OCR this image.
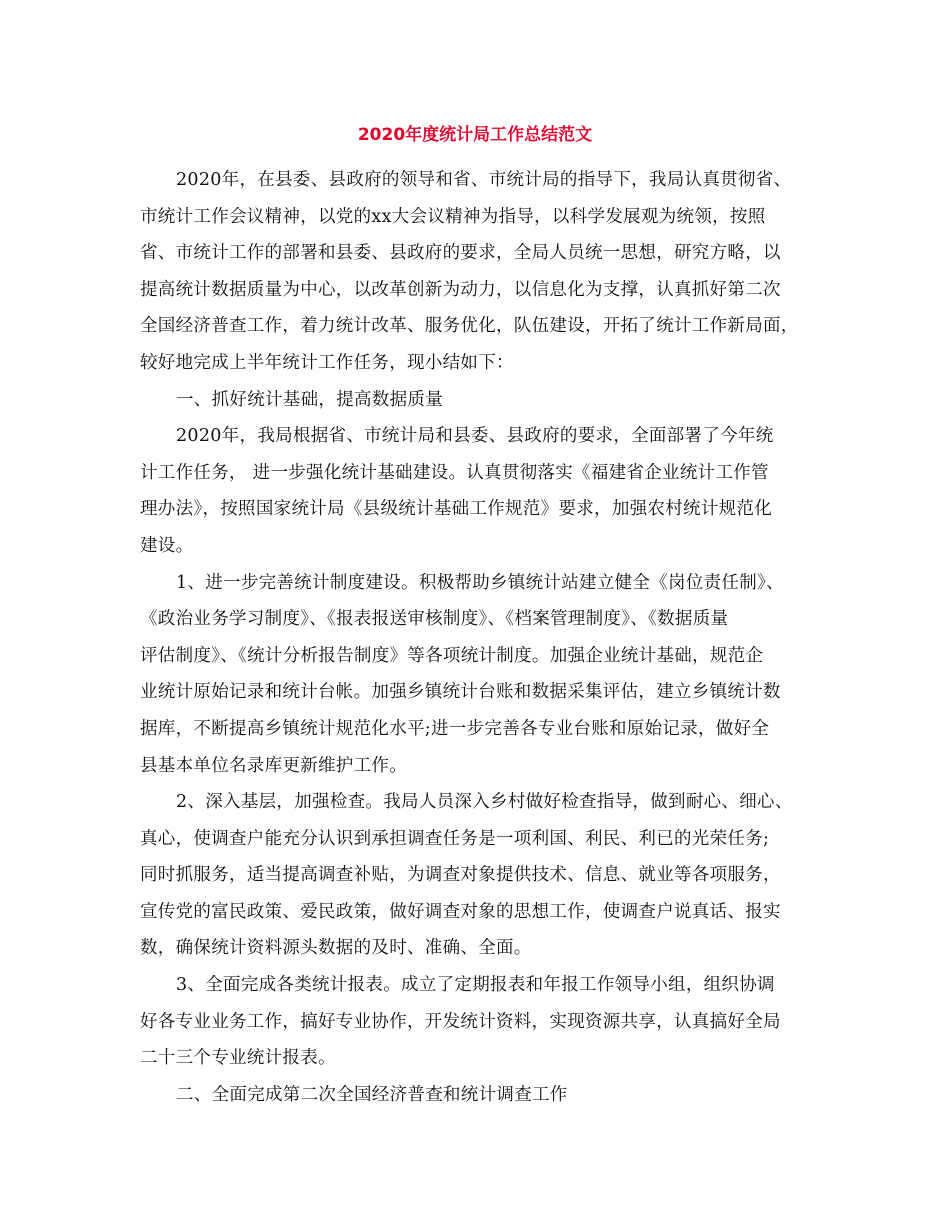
2020年度统计局工作总结范文
2020年，在县委、县政府的领导和省、市统计局的指导下，我局认真贯彻省、
市统计工作会议精神，以党的xx大会议精神为指导，以科学发展观为统领，按照
省、市统计工作的部署和县委、县政府的要求，全局人员统一思想，研究方略，以
提高统计数据质量为中心，以改革创新为动力，以信息化为支撑，认真抓好第二次
全国经济普查工作，着力统计改革、服务优化，队伍建设，开拓了统计工作新局面，
较好地完成上半年统计工作任务，现小结如下：
一、抓好统计基础，提高数据质量
2020年，我局根据省、市统计局和县委、县政府的要求，全面部署了今年统
计工作任务， 进一步强化统计基础建设。认真贯彻落实《福建省企业统计工作管
理办法》，按照国家统计局《县级统计基础工作规范》要求，加强农村统计规范化
建设。
1、进一步完善统计制度建设。积极帮助乡镇统计站建立健全《岗位责任制》、
《政治业务学习制度》、《报表报送审核制度》、《档案管理制度》、《数据质量
评估制度》、《统计分析报告制度》等各项统计制度。加强企业统计基础，规范企
业统计原始记录和统计台帐。加强乡镇统计台账和数据采集评估，建立乡镇统计数
据库，不断提高乡镇统计规范化水平;进一步完善各专业台账和原始记录，做好全
县基本单位名录库更新维护工作。
2、深入基层，加强检查。我局人员深入乡村做好检查指导，做到耐心、细心、
真心，使调查户能充分认识到承担调查任务是一项利国、利民、利已的光荣任务;
同时抓服务，适当提高调查补贴，为调查对象提供技术、信息、就业等各项服务，
宣传党的富民政策、爱民政策，做好调查对象的思想工作，使调查户说真话、报实
数，确保统计资料源头数据的及时、准确、全面。
3、全面完成各类统计报表。成立了定期报表和年报工作领导小组，组织协调
好各专业业务工作，搞好专业协作，开发统计资料，实现资源共享，认真搞好全局
二十三个专业统计报表。
二、全面完成第二次全国经济普查和统计调查工作
